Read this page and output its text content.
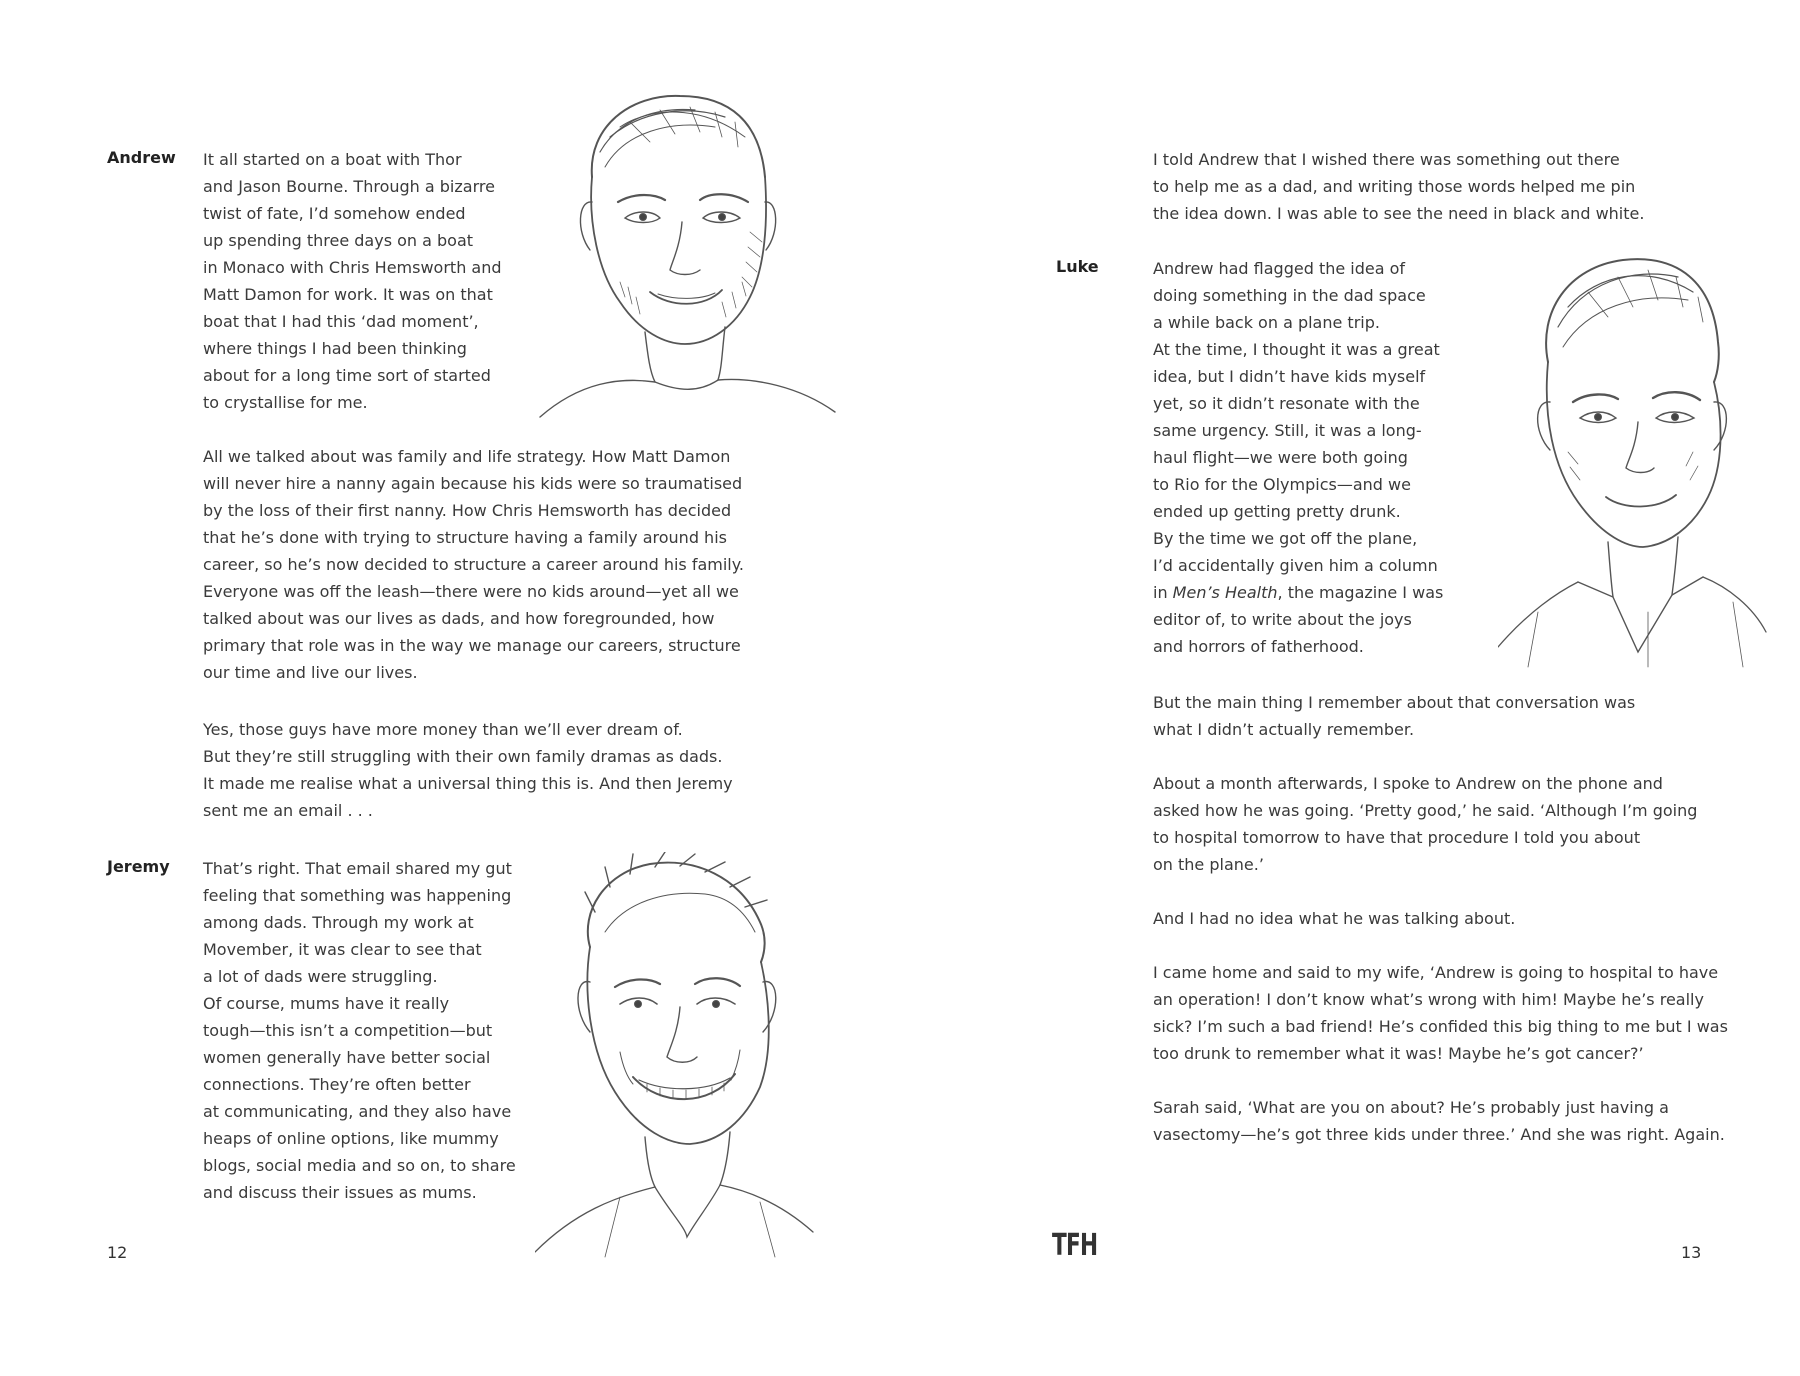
Andrew It all started on a boat with Thor
and Jason Bourne. Through a bizarre
twist of fate, I’d somehow ended
up spending three days on a boat
in Monaco with Chris Hemsworth and
Matt Damon for work. It was on that
boat that I had this ‘dad moment’,
where things I had been thinking
about for a long time sort of started
to crystallise for me.
All we talked about was family and life strategy. How Matt Damon
will never hire a nanny again because his kids were so traumatised
by the loss of their first nanny. How Chris Hemsworth has decided
that he’s done with trying to structure having a family around his
career, so he’s now decided to structure a career around his family.
Everyone was off the leash—there were no kids around—yet all we
talked about was our lives as dads, and how foregrounded, how
primary that role was in the way we manage our careers, structure
our time and live our lives.
Yes, those guys have more money than we’ll ever dream of.
But they’re still struggling with their own family dramas as dads.
It made me realise what a universal thing this is. And then Jeremy
sent me an email . . .
Jeremy That’s right. That email shared my gut
feeling that something was happening
among dads. Through my work at
Movember, it was clear to see that
a lot of dads were struggling.
Of course, mums have it really
tough—this isn’t a competition—but
women generally have better social
connections. They’re often better
at communicating, and they also have
heaps of online options, like mummy
blogs, social media and so on, to share
and discuss their issues as mums.
12
I told Andrew that I wished there was something out there
to help me as a dad, and writing those words helped me pin
the idea down. I was able to see the need in black and white.
Luke	Andrew had flagged the idea of
doing something in the dad space
a while back on a plane trip.
At the time, I thought it was a great
idea, but I didn’t have kids myself
yet, so it didn’t resonate with the
same urgency. Still, it was a long-
haul flight—we were both going
to Rio for the Olympics—and we
ended up getting pretty drunk.
By the time we got off the plane,
I’d accidentally given him a column
in Men’s Health, the magazine I was
editor of, to write about the joys
and horrors of fatherhood.
But the main thing I remember about that conversation was
what I didn’t actually remember.
About a month afterwards, I spoke to Andrew on the phone and
asked how he was going. ‘Pretty good,’ he said. ‘Although I’m going
to hospital tomorrow to have that procedure I told you about
on the plane.’
And I had no idea what he was talking about.
I came home and said to my wife, ‘Andrew is going to hospital to have
an operation! I don’t know what’s wrong with him! Maybe he’s really
sick? I’m such a bad friend! He’s confided this big thing to me but I was
too drunk to remember what it was! Maybe he’s got cancer?’
Sarah said, ‘What are you on about? He’s probably just having a
vasectomy—he’s got three kids under three.’ And she was right. Again.
13
TFH
